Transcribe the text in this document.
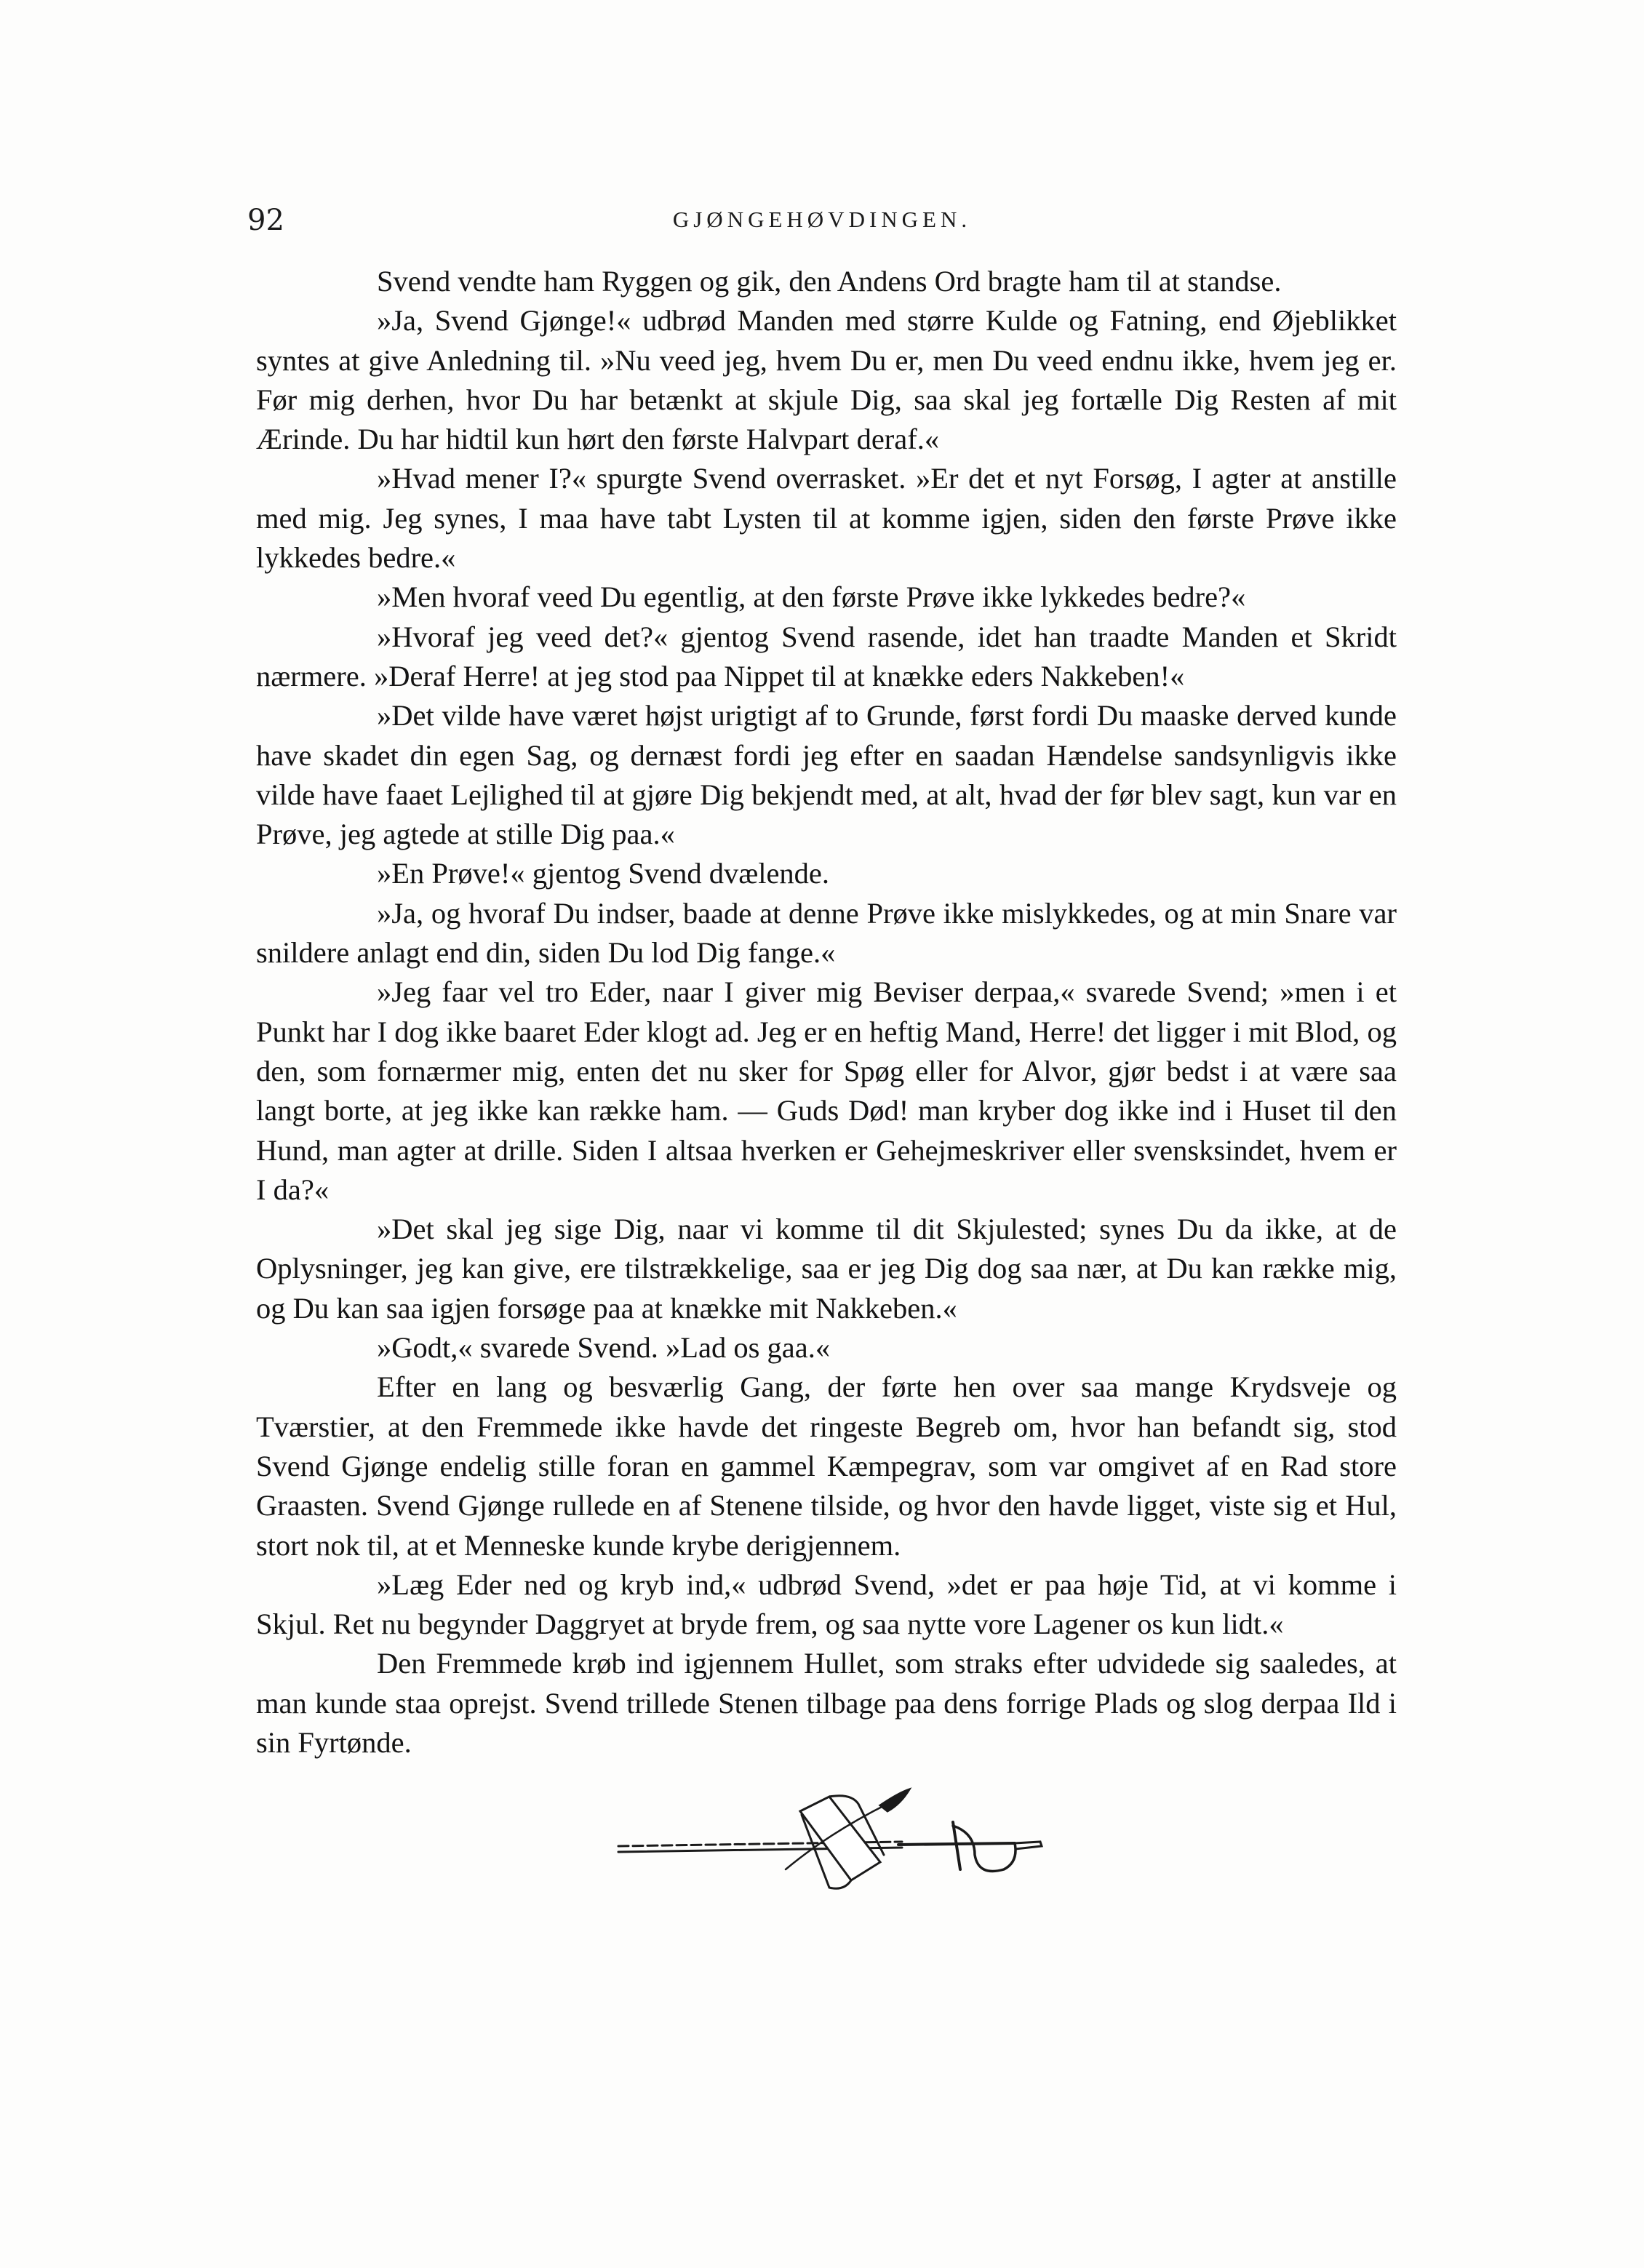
92	GJØNGEHØVDINGEN.

Svend vendte ham Ryggen og gik, den Andens Ord bragte ham til at standse.

»Ja, Svend Gjønge!« udbrød Manden med større Kulde og Fatning, end Øjeblikket syntes at give Anledning til. »Nu veed jeg, hvem Du er, men Du veed endnu ikke, hvem jeg er. Før mig derhen, hvor Du har betænkt at skjule Dig, saa skal jeg fortælle Dig Resten af mit Ærinde. Du har hidtil kun hørt den første Halvpart deraf.«

»Hvad mener I?« spurgte Svend overrasket. »Er det et nyt Forsøg, I agter at anstille med mig. Jeg synes, I maa have tabt Lysten til at komme igjen, siden den første Prøve ikke lykkedes bedre.«

»Men hvoraf veed Du egentlig, at den første Prøve ikke lykkedes bedre?«

»Hvoraf jeg veed det?« gjentog Svend rasende, idet han traadte Manden et Skridt nærmere. »Deraf Herre! at jeg stod paa Nippet til at knække eders Nakkeben!«

»Det vilde have været højst urigtigt af to Grunde, først fordi Du maaske derved kunde have skadet din egen Sag, og dernæst fordi jeg efter en saadan Hændelse sandsynligvis ikke vilde have faaet Lejlighed til at gjøre Dig bekjendt med, at alt, hvad der før blev sagt, kun var en Prøve, jeg agtede at stille Dig paa.«

»En Prøve!« gjentog Svend dvælende.

»Ja, og hvoraf Du indser, baade at denne Prøve ikke mislykkedes, og at min Snare var snildere anlagt end din, siden Du lod Dig fange.«

»Jeg faar vel tro Eder, naar I giver mig Beviser derpaa,« svarede Svend; »men i et Punkt har I dog ikke baaret Eder klogt ad. Jeg er en heftig Mand, Herre! det ligger i mit Blod, og den, som fornærmer mig, enten det nu sker for Spøg eller for Alvor, gjør bedst i at være saa langt borte, at jeg ikke kan række ham. — Guds Død! man kryber dog ikke ind i Huset til den Hund, man agter at drille. Siden I altsaa hverken er Gehejmeskriver eller svensksindet, hvem er I da?«

»Det skal jeg sige Dig, naar vi komme til dit Skjulested; synes Du da ikke, at de Oplysninger, jeg kan give, ere tilstrækkelige, saa er jeg Dig dog saa nær, at Du kan række mig, og Du kan saa igjen forsøge paa at knække mit Nakkeben.«

»Godt,« svarede Svend. »Lad os gaa.«

Efter en lang og besværlig Gang, der førte hen over saa mange Krydsveje og Tværstier, at den Fremmede ikke havde det ringeste Begreb om, hvor han befandt sig, stod Svend Gjønge endelig stille foran en gammel Kæmpegrav, som var omgivet af en Rad store Graasten. Svend Gjønge rullede en af Stenene tilside, og hvor den havde ligget, viste sig et Hul, stort nok til, at et Menneske kunde krybe derigjennem.

»Læg Eder ned og kryb ind,« udbrød Svend, »det er paa høje Tid, at vi komme i Skjul. Ret nu begynder Daggryet at bryde frem, og saa nytte vore Lagener os kun lidt.«

Den Fremmede krøb ind igjennem Hullet, som straks efter udvidede sig saaledes, at man kunde staa oprejst. Svend trillede Stenen tilbage paa dens forrige Plads og slog derpaa Ild i sin Fyrtønde.
